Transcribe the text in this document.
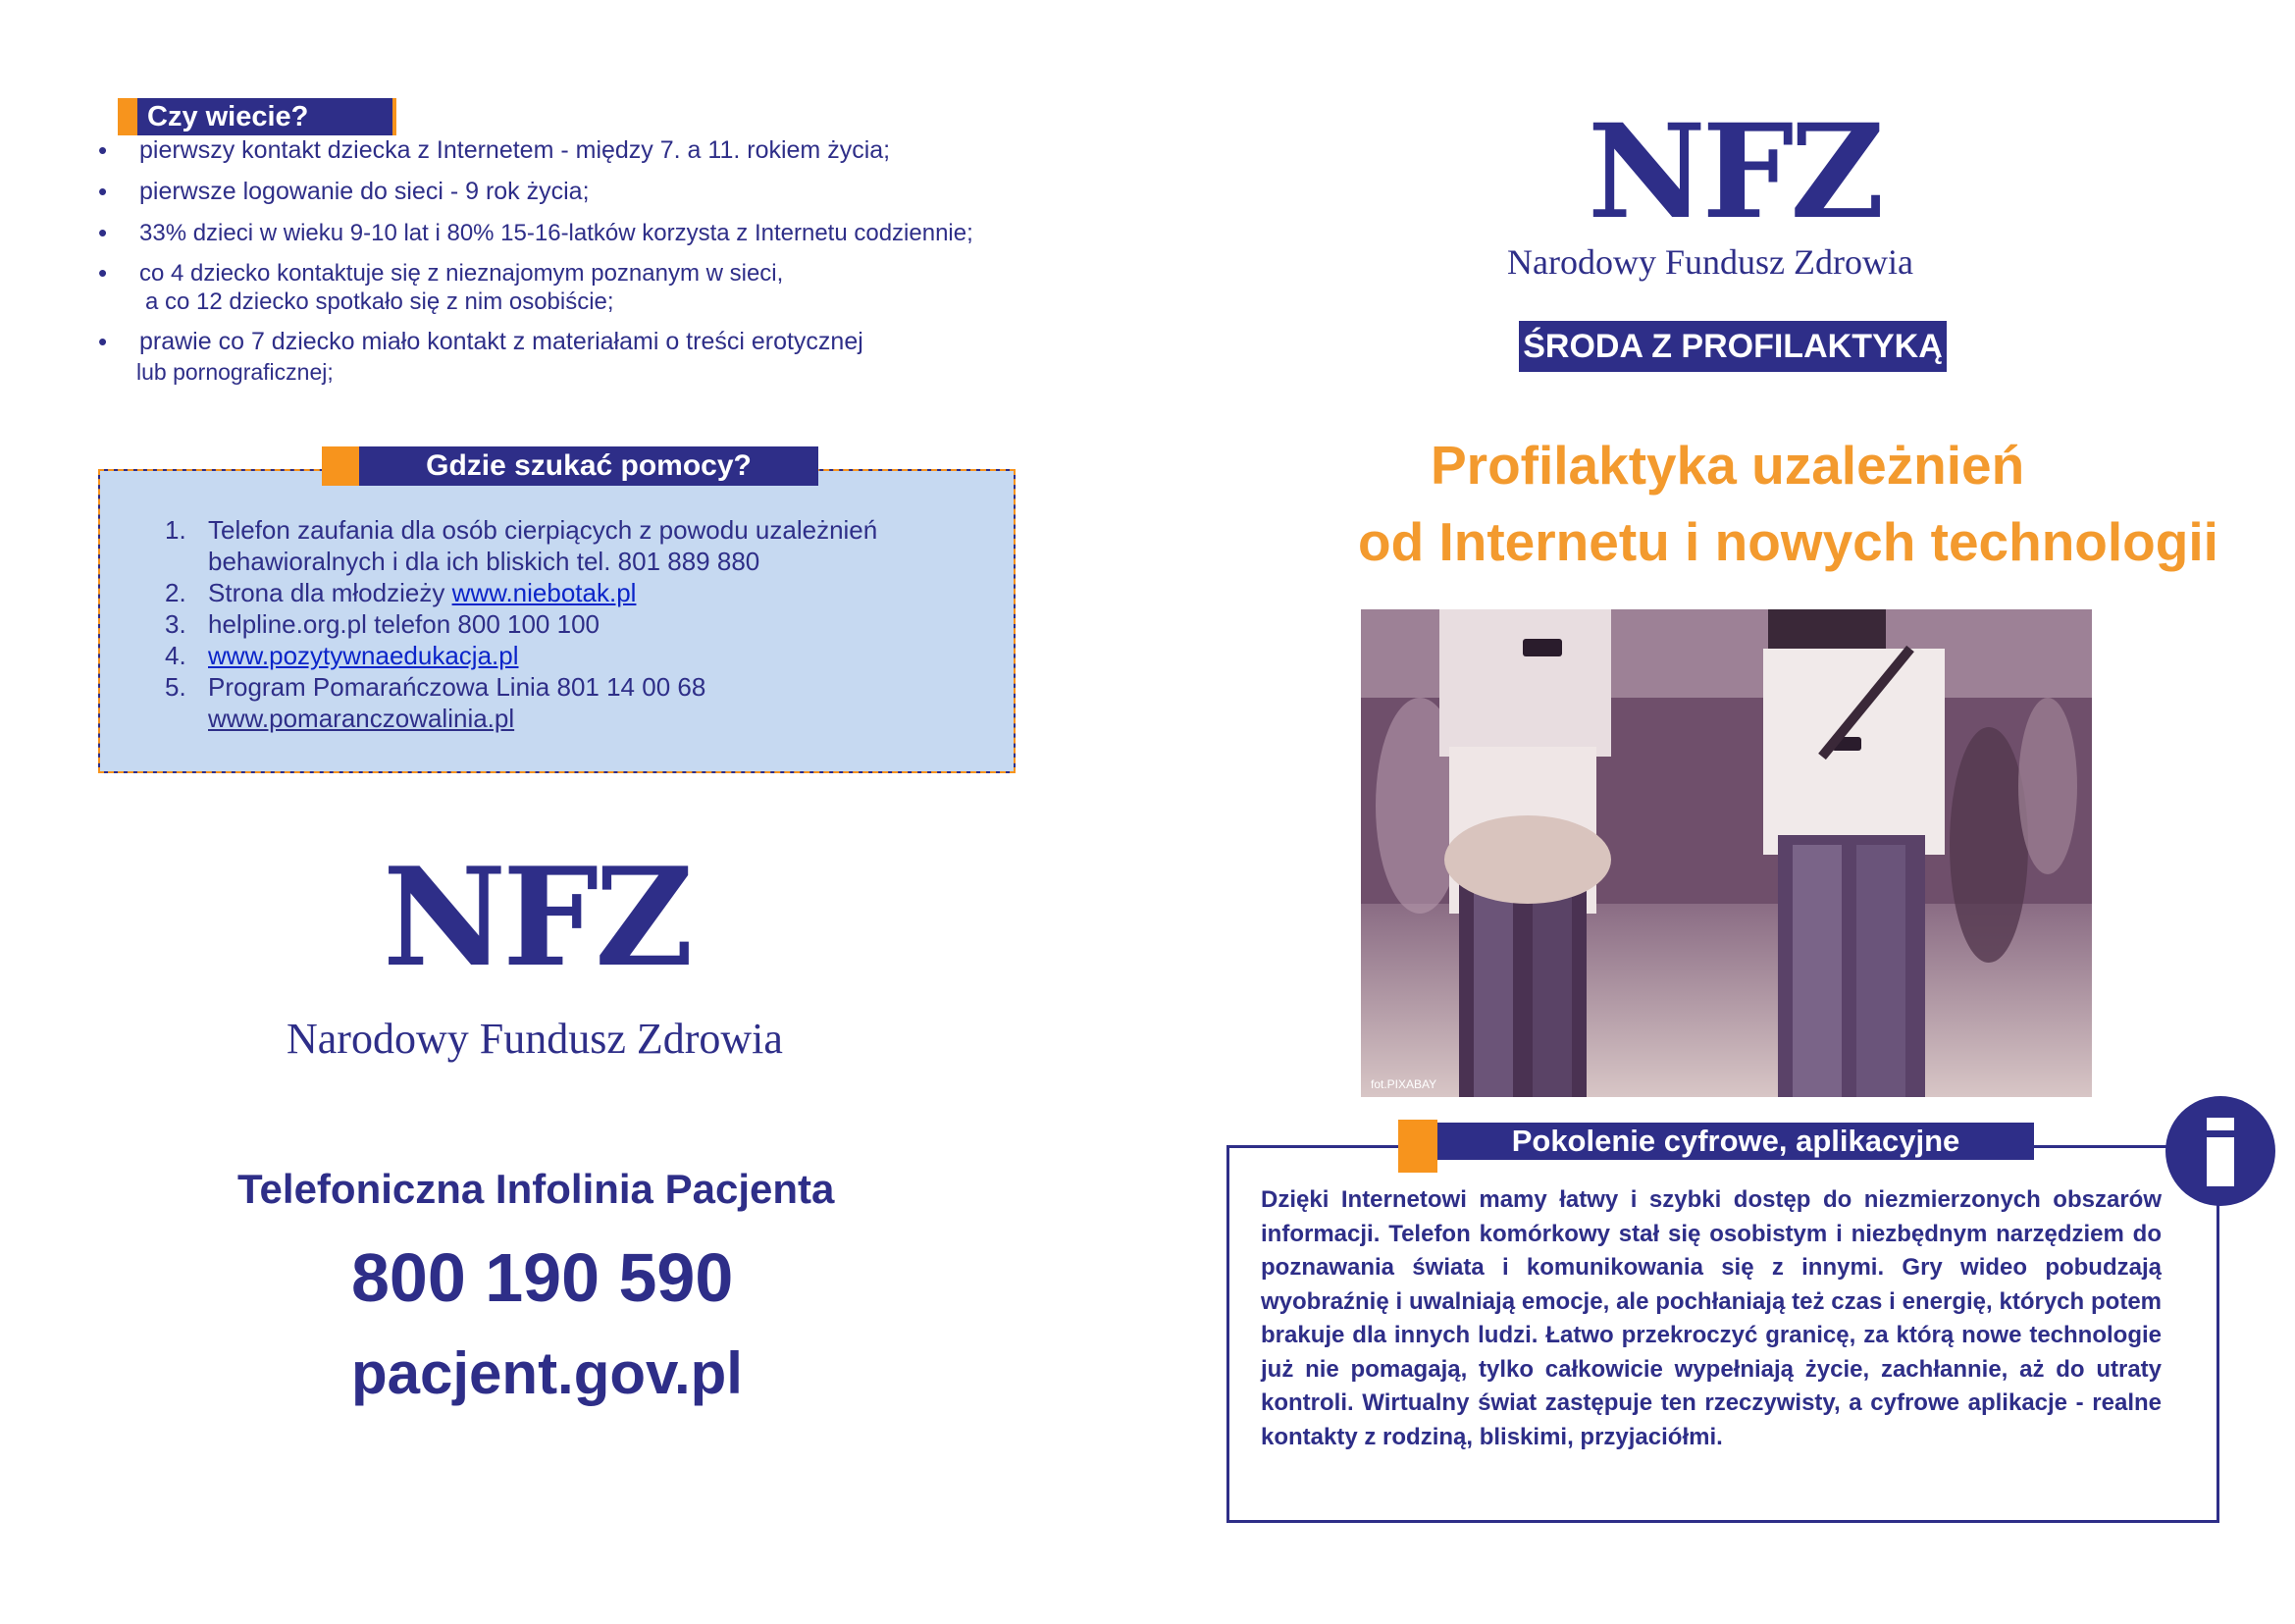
Czy wiecie?
• pierwszy kontakt dziecka z Internetem - między 7. a 11. rokiem życia;
• pierwsze logowanie do sieci - 9 rok życia;
• 33% dzieci w wieku 9-10 lat i 80% 15-16-latków korzysta z Internetu codziennie;
• co 4 dziecko kontaktuje się z nieznajomym poznanym w sieci,
a co 12 dziecko spotkało się z nim osobiście;
• prawie co 7 dziecko miało kontakt z materiałami o treści erotycznej
lub pornograficznej;
Gdzie szukać pomocy?
1. Telefon zaufania dla osób cierpiących z powodu uzależnień behawioralnych i dla ich bliskich tel. 801 889 880
2. Strona dla młodzieży www.niebotak.pl
3. helpline.org.pl telefon 800 100 100
4. www.pozytywnaedukacja.pl
5. Program Pomarańczowa Linia 801 14 00 68
www.pomaranczowalinia.pl
NFZ
Narodowy Fundusz Zdrowia
Telefoniczna Infolinia Pacjenta
800 190 590
pacjent.gov.pl
NFZ
Narodowy Fundusz Zdrowia
ŚRODA Z PROFILAKTYKĄ
Profilaktyka uzależnień
od Internetu i nowych technologii
fot.PIXABAY
Pokolenie cyfrowe, aplikacyjne
Dzięki Internetowi mamy łatwy i szybki dostęp do niezmierzonych obszarów informacji. Telefon komórkowy stał się osobistym i niezbędnym narzędziem do poznawania świata i komunikowania się z innymi. Gry wideo pobudzają wyobraźnię i uwalniają emocje, ale pochłaniają też czas i energię, których potem brakuje dla innych ludzi. Łatwo przekroczyć granicę, za którą nowe technologie już nie pomagają, tylko całkowicie wypełniają życie, zachłannie, aż do utraty kontroli. Wirtualny świat zastępuje ten rzeczywisty, a cyfrowe aplikacje - realne kontakty z rodziną, bliskimi, przyjaciółmi.
